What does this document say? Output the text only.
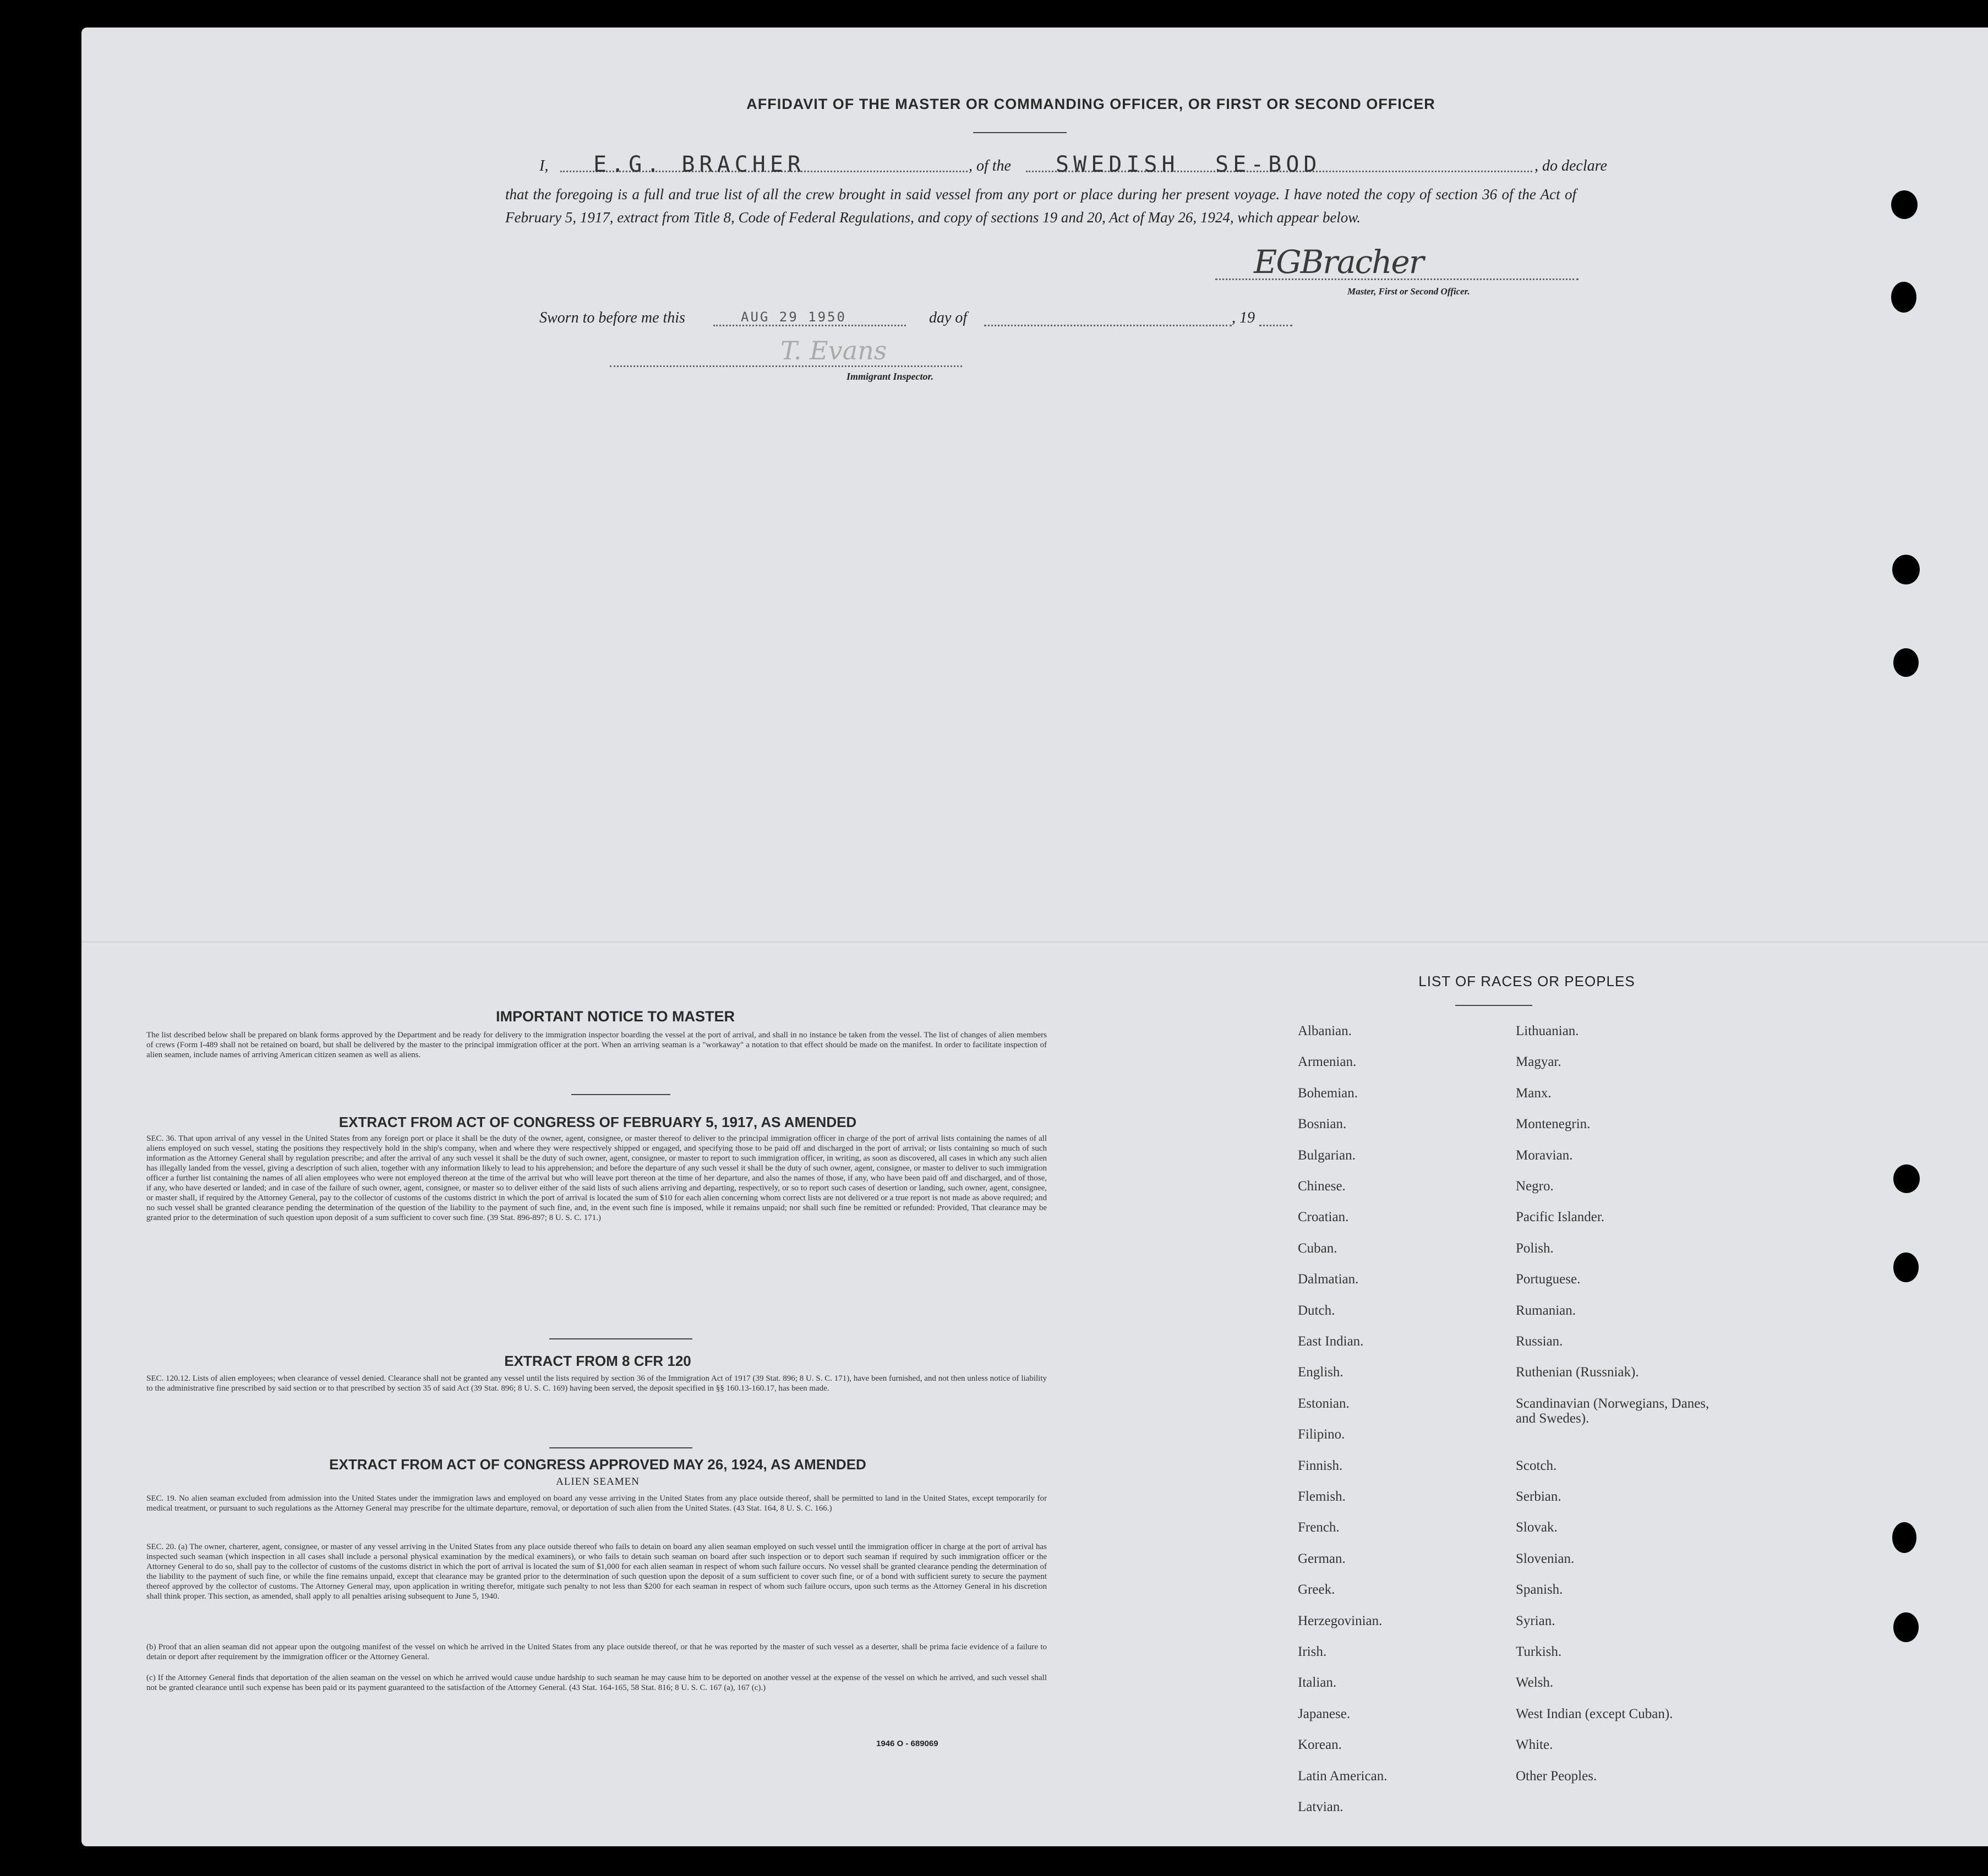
AFFIDAVIT OF THE MASTER OR COMMANDING OFFICER, OR FIRST OR SECOND OFFICER
I, E.G. BRACHER	, of the SWEDISH SE-BOD	, do declare
that the foregoing is a full and true list of all the crew brought in said vessel from any port or place during her present voyage. I have noted the copy of section 36 of the Act of February 5, 1917, extract from Title 8, Code of Federal Regulations, and copy of sections 19 and 20, Act of May 26, 1924, which appear below.
EGBracher
Master, First or Second Officer.
Sworn to before me this	AUG 29 1950	day of	, 19
T. Evans
Immigrant Inspector.
IMPORTANT NOTICE TO MASTER
The list described below shall be prepared on blank forms approved by the Department and be ready for delivery to the immigration inspector boarding the vessel at the port of arrival, and shall in no instance be taken from the vessel. The list of changes of alien members of crews (Form I-489 shall not be retained on board, but shall be delivered by the master to the principal immigration officer at the port. When an arriving seaman is a "workaway" a notation to that effect should be made on the manifest. In order to facilitate inspection of alien seamen, include names of arriving American citizen seamen as well as aliens.
EXTRACT FROM ACT OF CONGRESS OF FEBRUARY 5, 1917, AS AMENDED
SEC. 36. That upon arrival of any vessel in the United States from any foreign port or place it shall be the duty of the owner, agent, consignee, or master thereof to deliver to the principal immigration officer in charge of the port of arrival lists containing the names of all aliens employed on such vessel, stating the positions they respectively hold in the ship's company, when and where they were respectively shipped or engaged, and specifying those to be paid off and discharged in the port of arrival; or lists containing so much of such information as the Attorney General shall by regulation prescribe; and after the arrival of any such vessel it shall be the duty of such owner, agent, consignee, or master to report to such immigration officer, in writing, as soon as discovered, all cases in which any such alien has illegally landed from the vessel, giving a description of such alien, together with any information likely to lead to his apprehension; and before the departure of any such vessel it shall be the duty of such owner, agent, consignee, or master to deliver to such immigration officer a further list containing the names of all alien employees who were not employed thereon at the time of the arrival but who will leave port thereon at the time of her departure, and also the names of those, if any, who have been paid off and discharged, and of those, if any, who have deserted or landed; and in case of the failure of such owner, agent, consignee, or master so to deliver either of the said lists of such aliens arriving and departing, respectively, or so to report such cases of desertion or landing, such owner, agent, consignee, or master shall, if required by the Attorney General, pay to the collector of customs of the customs district in which the port of arrival is located the sum of $10 for each alien concerning whom correct lists are not delivered or a true report is not made as above required; and no such vessel shall be granted clearance pending the determination of the question of the liability to the payment of such fine, and, in the event such fine is imposed, while it remains unpaid; nor shall such fine be remitted or refunded: Provided, That clearance may be granted prior to the determination of such question upon deposit of a sum sufficient to cover such fine. (39 Stat. 896-897; 8 U. S. C. 171.)
EXTRACT FROM 8 CFR 120
SEC. 120.12. Lists of alien employees; when clearance of vessel denied. Clearance shall not be granted any vessel until the lists required by section 36 of the Immigration Act of 1917 (39 Stat. 896; 8 U. S. C. 171), have been furnished, and not then unless notice of liability to the administrative fine prescribed by said section or to that prescribed by section 35 of said Act (39 Stat. 896; 8 U. S. C. 169) having been served, the deposit specified in §§ 160.13-160.17, has been made.
EXTRACT FROM ACT OF CONGRESS APPROVED MAY 26, 1924, AS AMENDED
ALIEN SEAMEN
SEC. 19. No alien seaman excluded from admission into the United States under the immigration laws and employed on board any vesse arriving in the United States from any place outside thereof, shall be permitted to land in the United States, except temporarily for medical treatment, or pursuant to such regulations as the Attorney General may prescribe for the ultimate departure, removal, or deportation of such alien from the United States. (43 Stat. 164, 8 U. S. C. 166.)
SEC. 20. (a) The owner, charterer, agent, consignee, or master of any vessel arriving in the United States from any place outside thereof who fails to detain on board any alien seaman employed on such vessel until the immigration officer in charge at the port of arrival has inspected such seaman (which inspection in all cases shall include a personal physical examination by the medical examiners), or who fails to detain such seaman on board after such inspection or to deport such seaman if required by such immigration officer or the Attorney General to do so, shall pay to the collector of customs of the customs district in which the port of arrival is located the sum of $1,000 for each alien seaman in respect of whom such failure occurs. No vessel shall be granted clearance pending the determination of the liability to the payment of such fine, or while the fine remains unpaid, except that clearance may be granted prior to the determination of such question upon the deposit of a sum sufficient to cover such fine, or of a bond with sufficient surety to secure the payment thereof approved by the collector of customs. The Attorney General may, upon application in writing therefor, mitigate such penalty to not less than $200 for each seaman in respect of whom such failure occurs, upon such terms as the Attorney General in his discretion shall think proper. This section, as amended, shall apply to all penalties arising subsequent to June 5, 1940.
(b) Proof that an alien seaman did not appear upon the outgoing manifest of the vessel on which he arrived in the United States from any place outside thereof, or that he was reported by the master of such vessel as a deserter, shall be prima facie evidence of a failure to detain or deport after requirement by the immigration officer or the Attorney General.
(c) If the Attorney General finds that deportation of the alien seaman on the vessel on which he arrived would cause undue hardship to such seaman he may cause him to be deported on another vessel at the expense of the vessel on which he arrived, and such vessel shall not be granted clearance until such expense has been paid or its payment guaranteed to the satisfaction of the Attorney General. (43 Stat. 164-165, 58 Stat. 816; 8 U. S. C. 167 (a), 167 (c).)
1946 O - 689069
LIST OF RACES OR PEOPLES
Albanian.
Armenian.
Bohemian.
Bosnian.
Bulgarian.
Chinese.
Croatian.
Cuban.
Dalmatian.
Dutch.
East Indian.
English.
Estonian.
Filipino.
Finnish.
Flemish.
French.
German.
Greek.
Herzegovinian.
Irish.
Italian.
Japanese.
Korean.
Latin American.
Latvian.
Lithuanian.
Magyar.
Manx.
Montenegrin.
Moravian.
Negro.
Pacific Islander.
Polish.
Portuguese.
Rumanian.
Russian.
Ruthenian (Russniak).
Scandinavian (Norwegians, Danes, and Swedes).
Scotch.
Serbian.
Slovak.
Slovenian.
Spanish.
Syrian.
Turkish.
Welsh.
West Indian (except Cuban).
White.
Other Peoples.
